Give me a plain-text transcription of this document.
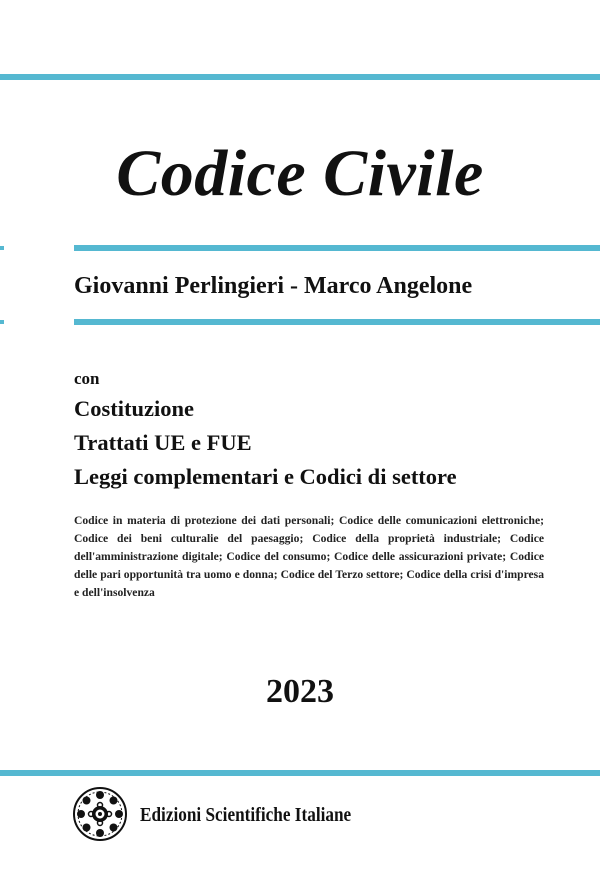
Codice Civile
Giovanni Perlingieri - Marco Angelone
con
Costituzione
Trattati UE e FUE
Leggi complementari e Codici di settore
Codice in materia di protezione dei dati personali; Codice delle comunicazioni elettroniche; Codice dei beni culturalie del paesaggio; Codice della proprietà industriale; Codice dell'amministrazione digitale; Codice del consumo; Codice delle assicurazioni private; Codice delle pari opportunità tra uomo e donna; Codice del Terzo settore; Codice della crisi d'impresa e dell'insolvenza
2023
Edizioni Scientifiche Italiane
